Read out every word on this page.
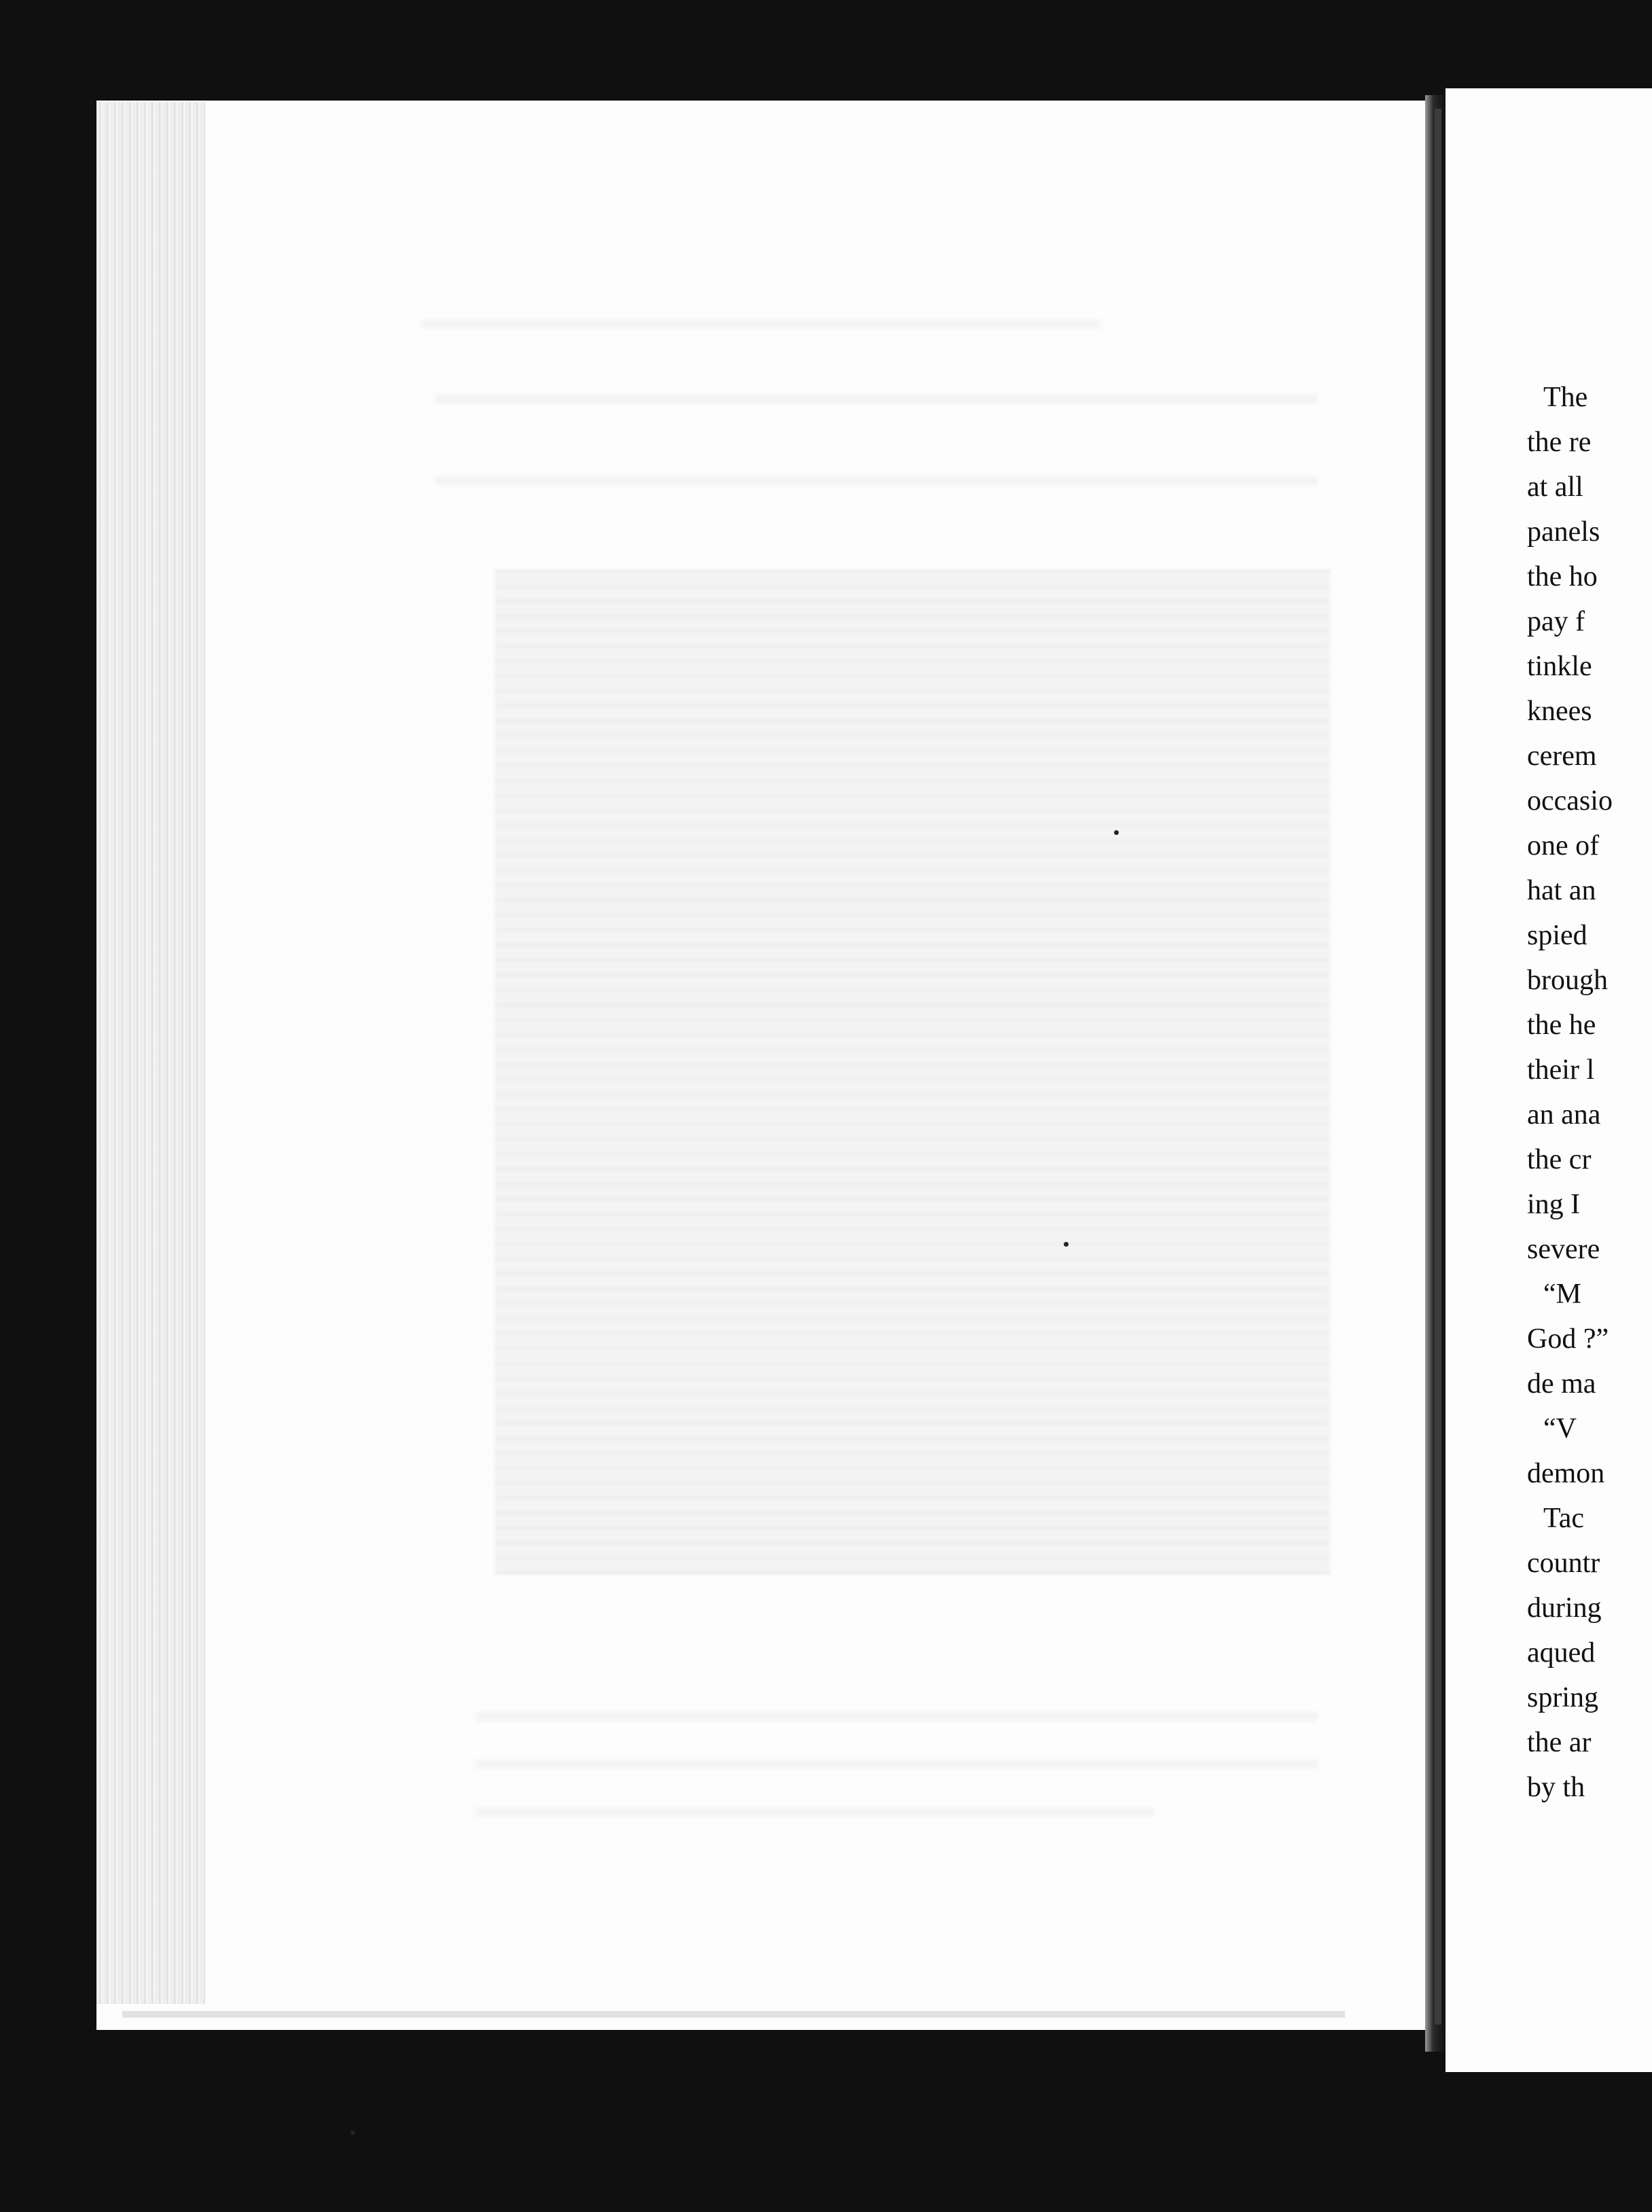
The
the re
at all
panels
the ho
pay f
tinkle
knees
cerem
occasio
one of
hat an
spied
brough
the he
their l
an ana
the cr
ing I
severe
“M
God ?”
de ma
“V
demon
Tac
countr
during
aqued
spring
the ar
by th
